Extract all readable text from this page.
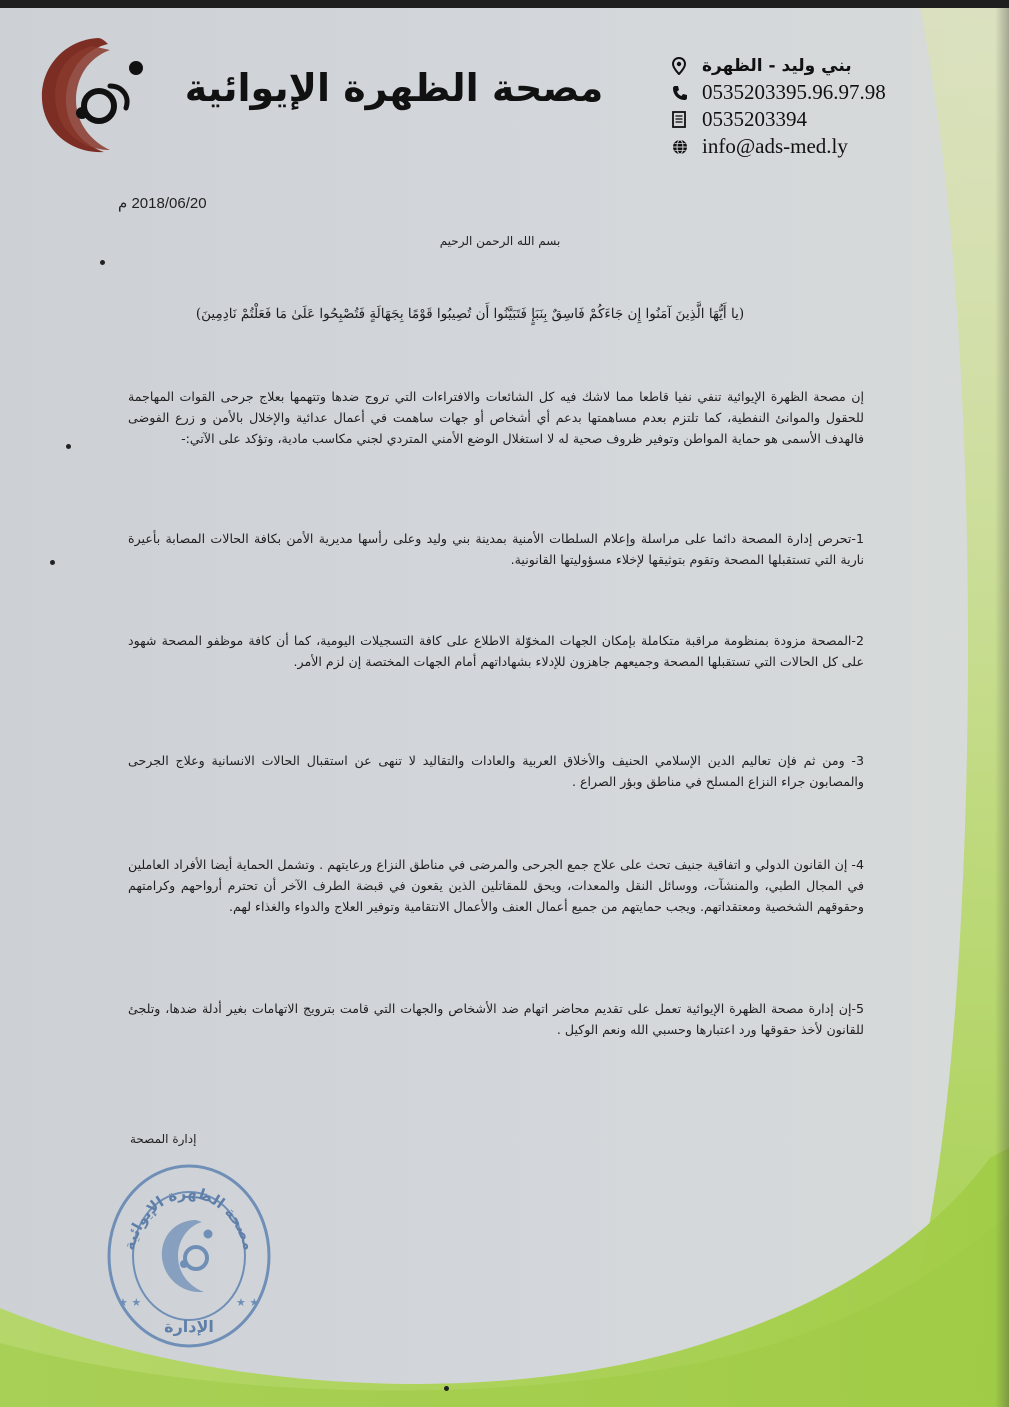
مصحة الظهرة الإيوائية
بني وليد - الظهرة
0535203395.96.97.98
0535203394
info@ads-med.ly
2018/06/20 م
بسم الله الرحمن الرحيم
(يا أَيُّهَا الَّذِينَ آمَنُوا إِن جَاءَكُمْ فَاسِقٌ بِنَبَإٍ فَتَبَيَّنُوا أَن تُصِيبُوا قَوْمًا بِجَهَالَةٍ فَتُصْبِحُوا عَلَىٰ مَا فَعَلْتُمْ نَادِمِينَ)
إن مصحة الظهرة الإيوائية تنفي نفيا قاطعا مما لاشك فيه كل الشائعات والافتراءات التي تروج ضدها وتتهمها بعلاج جرحى القوات المهاجمة للحقول والموانئ النفطية، كما تلتزم بعدم مساهمتها بدعم أي أشخاص أو جهات ساهمت في أعمال عدائية والإخلال بالأمن و زرع الفوضى فالهدف الأسمى هو حماية المواطن وتوفير ظروف صحية له لا استغلال الوضع الأمني المتردي لجني مكاسب مادية، وتؤكد على الآتي:-
1-تحرص إدارة المصحة دائما على مراسلة وإعلام السلطات الأمنية بمدينة بني وليد وعلى رأسها مديرية الأمن بكافة الحالات المصابة بأعيرة نارية التي تستقبلها المصحة وتقوم بتوثيقها لإخلاء مسؤوليتها القانونية.
2-المصحة مزودة بمنظومة مراقبة متكاملة بإمكان الجهات المخوّلة الاطلاع على كافة التسجيلات اليومية، كما أن كافة موظفو المصحة شهود على كل الحالات التي تستقبلها المصحة وجميعهم جاهزون للإدلاء بشهاداتهم أمام الجهات المختصة إن لزم الأمر.
3- ومن ثم فإن تعاليم الدين الإسلامي الحنيف والأخلاق العربية والعادات والتقاليد لا تنهى عن استقبال الحالات الانسانية وعلاج الجرحى والمصابون جراء النزاع المسلح في مناطق وبؤر الصراع .
4- إن القانون الدولي و اتفاقية جنيف تحث على علاج جمع الجرحى والمرضى في مناطق النزاع ورعايتهم . وتشمل الحماية أيضا الأفراد العاملين في المجال الطبي، والمنشآت، ووسائل النقل والمعدات، ويحق للمقاتلين الذين يقعون في قبضة الطرف الآخر أن تحترم أرواحهم وكرامتهم وحقوقهم الشخصية ومعتقداتهم. ويجب حمايتهم من جميع أعمال العنف والأعمال الانتقامية وتوفير العلاج والدواء والغذاء لهم.
5-إن إدارة مصحة الظهرة الإيوائية تعمل على تقديم محاضر اتهام ضد الأشخاص والجهات التي قامت بترويج الاتهامات بغير أدلة ضدها، وتلجئ للقانون لأخذ حقوقها ورد اعتبارها وحسبي الله ونعم الوكيل .
إدارة المصحة
مصحة الظهرة الإيوائية
★ ★	★ ★
الإدارة
